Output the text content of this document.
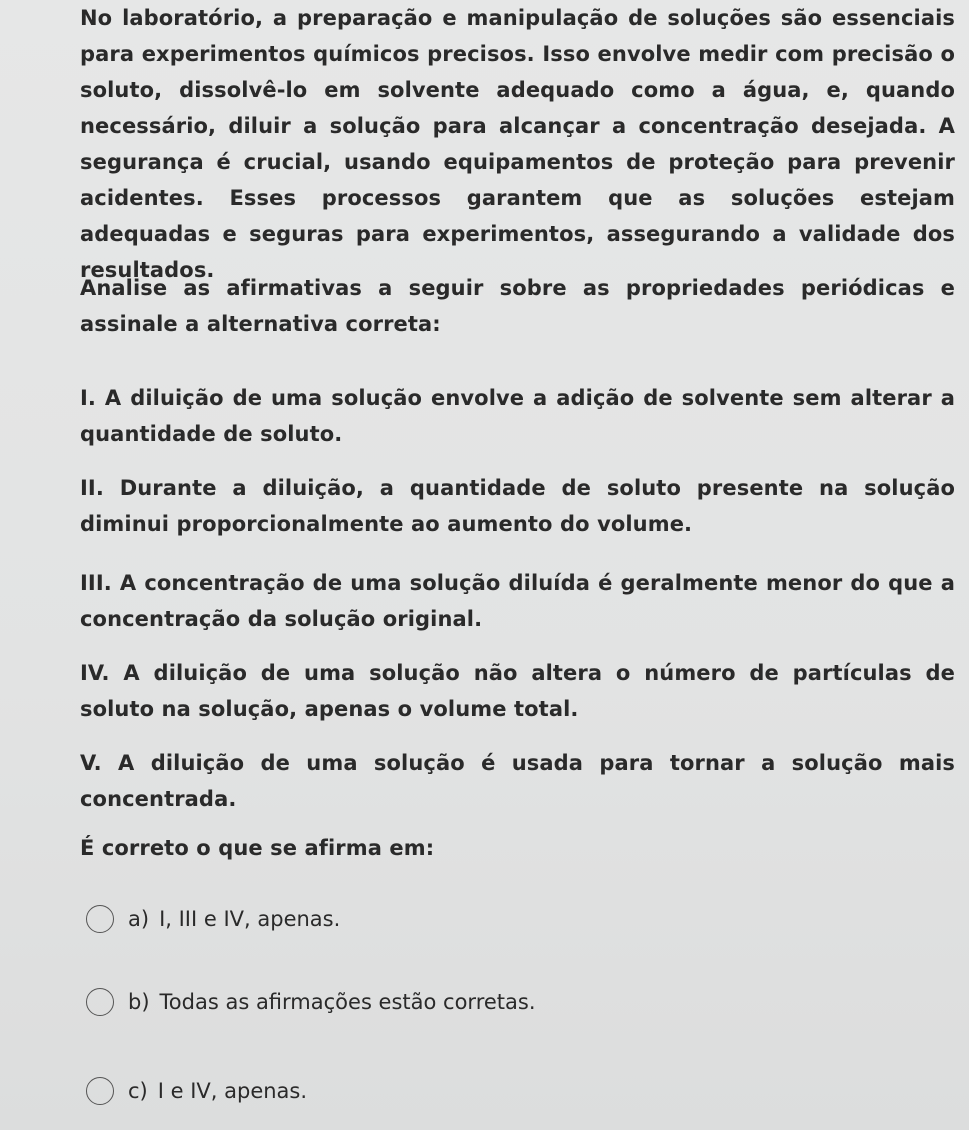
No laboratório, a preparação e manipulação de soluções são essenciais para experimentos químicos precisos. Isso envolve medir com precisão o soluto, dissolvê-lo em solvente adequado como a água, e, quando necessário, diluir a solução para alcançar a concentração desejada. A segurança é crucial, usando equipamentos de proteção para prevenir acidentes. Esses processos garantem que as soluções estejam adequadas e seguras para experimentos, assegurando a validade dos resultados.
Analise as afirmativas a seguir sobre as propriedades periódicas e assinale a alternativa correta:
I. A diluição de uma solução envolve a adição de solvente sem alterar a quantidade de soluto.
II. Durante a diluição, a quantidade de soluto presente na solução diminui proporcionalmente ao aumento do volume.
III. A concentração de uma solução diluída é geralmente menor do que a concentração da solução original.
IV. A diluição de uma solução não altera o número de partículas de soluto na solução, apenas o volume total.
V. A diluição de uma solução é usada para tornar a solução mais concentrada.
É correto o que se afirma em:
a) I, III e IV, apenas.
b) Todas as afirmações estão corretas.
c) I e IV, apenas.
